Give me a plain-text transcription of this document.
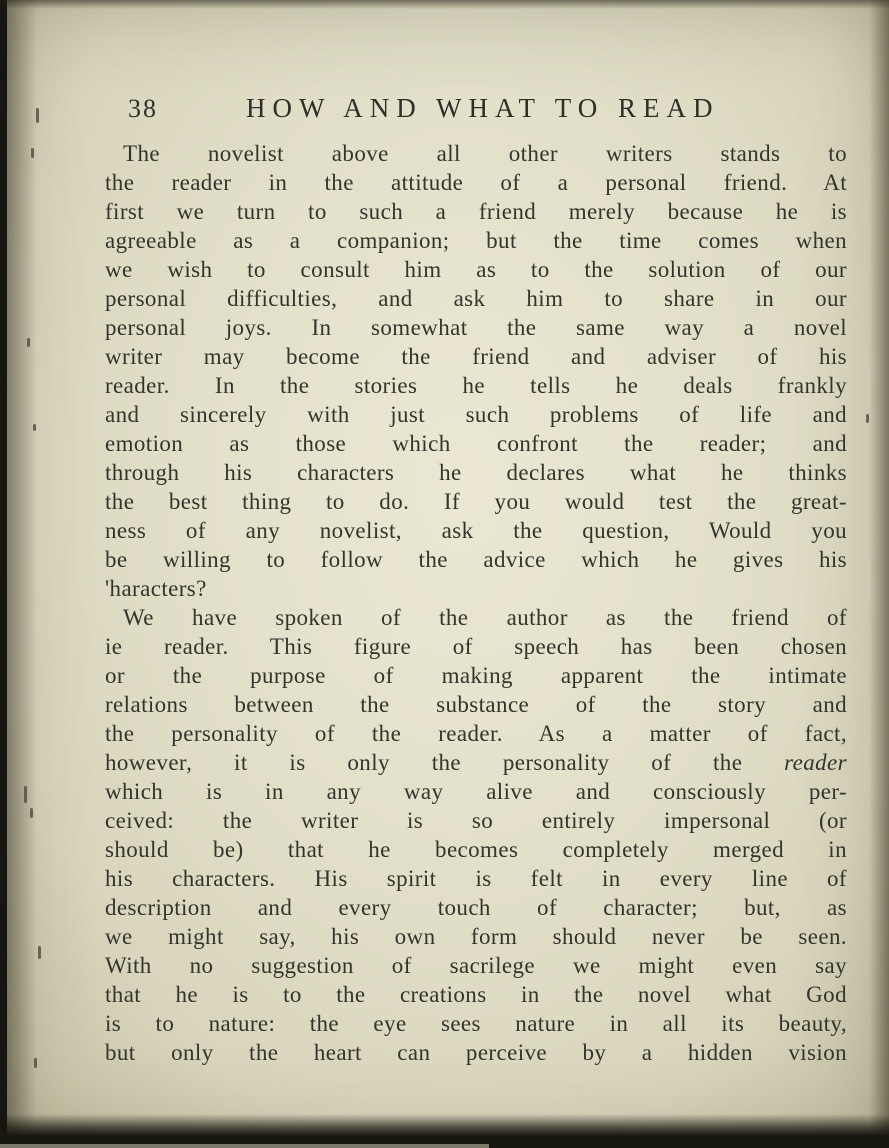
38	HOW AND WHAT TO READ
The novelist above all other writers stands to
the reader in the attitude of a personal friend. At
first we turn to such a friend merely because he is
agreeable as a companion; but the time comes when
we wish to consult him as to the solution of our
personal difficulties, and ask him to share in our
personal joys. In somewhat the same way a novel
writer may become the friend and adviser of his
reader. In the stories he tells he deals frankly
and sincerely with just such problems of life and
emotion as those which confront the reader; and
through his characters he declares what he thinks
the best thing to do. If you would test the great-
ness of any novelist, ask the question, Would you
be willing to follow the advice which he gives his
'haracters?
We have spoken of the author as the friend of
ie reader. This figure of speech has been chosen
or the purpose of making apparent the intimate
relations between the substance of the story and
the personality of the reader. As a matter of fact,
however, it is only the personality of the reader
which is in any way alive and consciously per-
ceived: the writer is so entirely impersonal (or
should be) that he becomes completely merged in
his characters. His spirit is felt in every line of
description and every touch of character; but, as
we might say, his own form should never be seen.
With no suggestion of sacrilege we might even say
that he is to the creations in the novel what God
is to nature: the eye sees nature in all its beauty,
but only the heart can perceive by a hidden vision
